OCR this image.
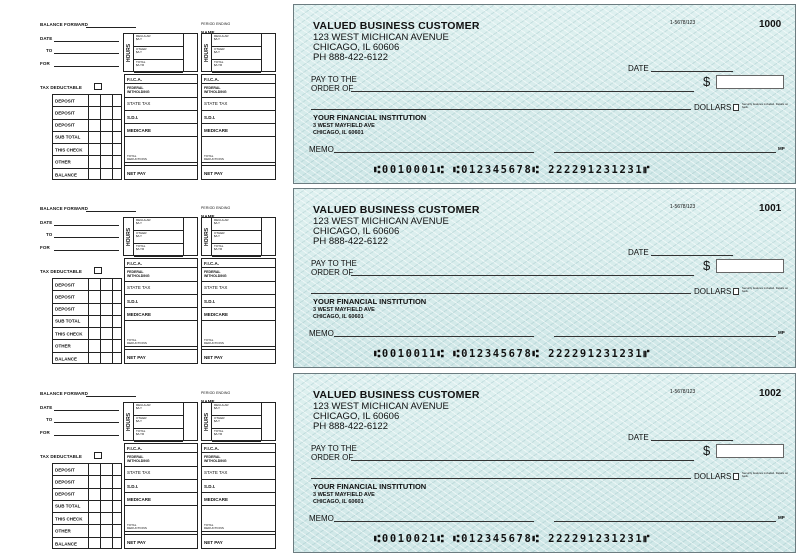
BALANCE FORWARD
DATE
TO
FOR
TAX DEDUCTABLE
PERIOD ENDING
NAME
HOURS
REGULAR
$/LY
OTHER
$/LY
TOTAL
$/LYR
HOURS
REGULAR
$/LY
OTHER
$/LY
TOTAL
$/LYR
DEPOSIT
DEPOSIT
DEPOSIT
SUB TOTAL
THIS CHECK
OTHER
BALANCE
F.I.C.A.
FEDERAL WITHOLDING
STATE TAX
S.D.I.
MEDICARE
TOTAL DEDUCTIONS
NET PAY
F.I.C.A.
FEDERAL WITHOLDING
STATE TAX
S.D.I.
MEDICARE
TOTAL DEDUCTIONS
NET PAY
VALUED BUSINESS CUSTOMER
123 WEST MICHICAN AVENUE
CHICAGO, IL 60606
PH 888-422-6122
1-5678/123	1000
DATE
PAY TO THE
ORDER OF	$
DOLLARS	Security features included. Details on back.
YOUR FINANCIAL INSTITUTION
3 WEST MAYFIELD AVE
CHICAGO, IL 60601
MEMO	MP
⑆0010001⑆ ⑆012345678⑆ 222291231231⑈
BALANCE FORWARD
DATE
TO
FOR
TAX DEDUCTABLE
PERIOD ENDING
NAME
HOURS
REGULAR
$/LY
OTHER
$/LY
TOTAL
$/LYR
HOURS
REGULAR
$/LY
OTHER
$/LY
TOTAL
$/LYR
DEPOSIT
DEPOSIT
DEPOSIT
SUB TOTAL
THIS CHECK
OTHER
BALANCE
F.I.C.A.
FEDERAL WITHOLDING
STATE TAX
S.D.I.
MEDICARE
TOTAL DEDUCTIONS
NET PAY
F.I.C.A.
FEDERAL WITHOLDING
STATE TAX
S.D.I.
MEDICARE
TOTAL DEDUCTIONS
NET PAY
VALUED BUSINESS CUSTOMER
123 WEST MICHICAN AVENUE
CHICAGO, IL 60606
PH 888-422-6122
1-5678/123	1001
DATE
PAY TO THE
ORDER OF	$
DOLLARS	Security features included. Details on back.
YOUR FINANCIAL INSTITUTION
3 WEST MAYFIELD AVE
CHICAGO, IL 60601
MEMO	MP
⑆0010011⑆ ⑆012345678⑆ 222291231231⑈
BALANCE FORWARD
DATE
TO
FOR
TAX DEDUCTABLE
PERIOD ENDING
NAME
HOURS
REGULAR
$/LY
OTHER
$/LY
TOTAL
$/LYR
HOURS
REGULAR
$/LY
OTHER
$/LY
TOTAL
$/LYR
DEPOSIT
DEPOSIT
DEPOSIT
SUB TOTAL
THIS CHECK
OTHER
BALANCE
F.I.C.A.
FEDERAL WITHOLDING
STATE TAX
S.D.I.
MEDICARE
TOTAL DEDUCTIONS
NET PAY
F.I.C.A.
FEDERAL WITHOLDING
STATE TAX
S.D.I.
MEDICARE
TOTAL DEDUCTIONS
NET PAY
VALUED BUSINESS CUSTOMER
123 WEST MICHICAN AVENUE
CHICAGO, IL 60606
PH 888-422-6122
1-5678/123	1002
DATE
PAY TO THE
ORDER OF	$
DOLLARS	Security features included. Details on back.
YOUR FINANCIAL INSTITUTION
3 WEST MAYFIELD AVE
CHICAGO, IL 60601
MEMO	MP
⑆0010021⑆ ⑆012345678⑆ 222291231231⑈
